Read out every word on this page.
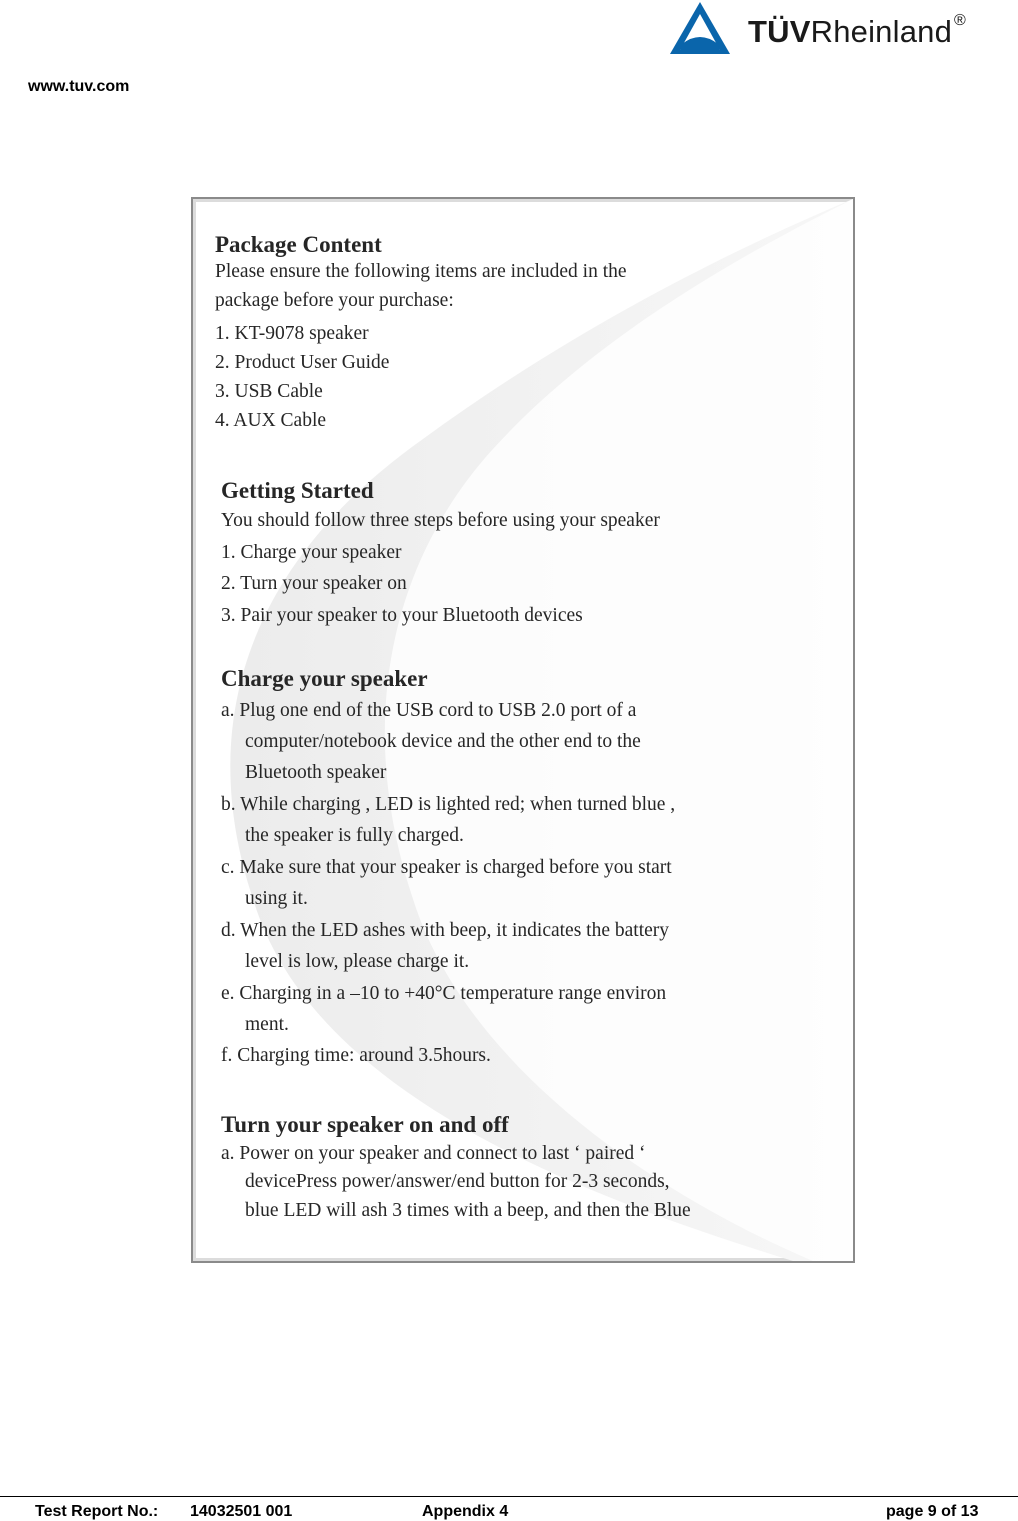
www.tuv.com
TÜVRheinland ®
Package Content
Please ensure the following items are included in the
package before your purchase:
1. KT-9078 speaker
2. Product User Guide
3. USB Cable
4. AUX Cable
Getting Started
You should follow three steps before using your speaker
1. Charge your speaker
2. Turn your speaker on
3. Pair your speaker to your Bluetooth devices
Charge your speaker
a. Plug one end of the USB cord to USB 2.0 port of a
computer/notebook device and the other end to the
Bluetooth speaker
b. While charging , LED is lighted red; when turned blue ,
the speaker is fully charged.
c. Make sure that your speaker is charged before you start
using it.
d. When the LED ashes with beep, it indicates the battery
level is low, please charge it.
e. Charging in a –10 to +40°C temperature range environ
ment.
f. Charging time: around 3.5hours.
Turn your speaker on and off
a. Power on your speaker and connect to last ‘ paired ‘
devicePress power/answer/end button for 2-3 seconds,
blue LED will ash 3 times with a beep, and then the Blue
Test Report No.: 14032501 001	Appendix 4	page 9 of 13
